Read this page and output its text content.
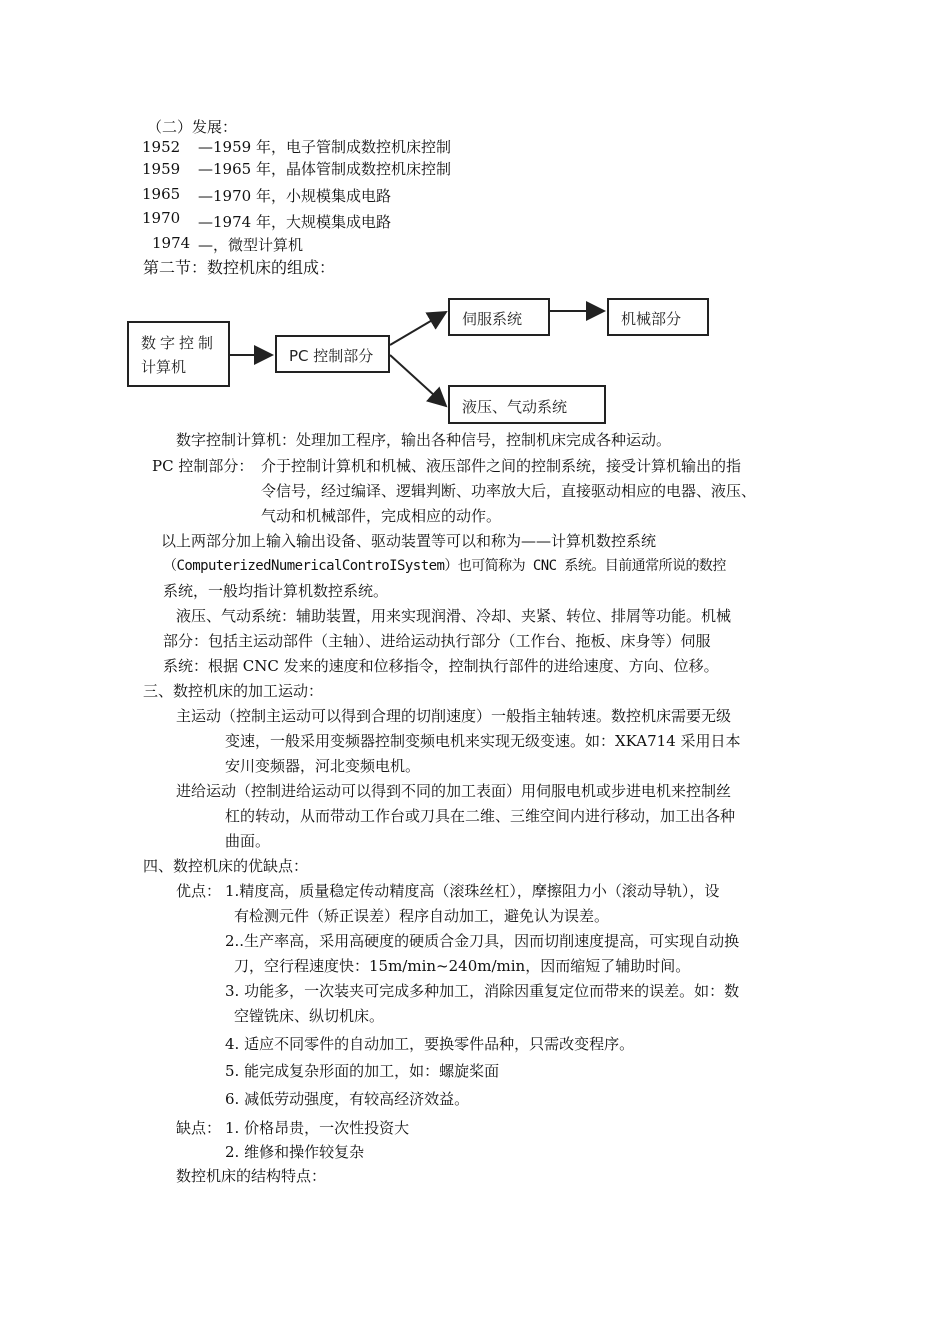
（二）发展：
1952 —1959 年，电子管制成数控机床控制
1959 —1965 年，晶体管制成数控机床控制
1965 —1970 年，小规模集成电路
1970 —1974 年，大规模集成电路
1974 —，微型计算机
第二节：数控机床的组成：
数字控制
计算机
PC 控制部分
伺服系统	机械部分
液压、气动系统
数字控制计算机：处理加工程序，输出各种信号，控制机床完成各种运动。
PC 控制部分： 介于控制计算机和机械、液压部件之间的控制系统，接受计算机输出的指
令信号，经过编译、逻辑判断、功率放大后，直接驱动相应的电器、液压、
气动和机械部件，完成相应的动作。
以上两部分加上输入输出设备、驱动装置等可以和称为——计算机数控系统
（ComputerizedNumericalControISystem）也可简称为 CNC 系统。目前通常所说的数控
系统，一般均指计算机数控系统。
液压、气动系统：辅助装置，用来实现润滑、冷却、夹紧、转位、排屑等功能。机械
部分：包括主运动部件（主轴）、进给运动执行部分（工作台、拖板、床身等）伺服
系统：根据 CNC 发来的速度和位移指令，控制执行部件的进给速度、方向、位移。
三、数控机床的加工运动：
主运动（控制主运动可以得到合理的切削速度）一般指主轴转速。数控机床需要无级
变速，一般采用变频器控制变频电机来实现无级变速。如：XKA714 采用日本
安川变频器，河北变频电机。
进给运动（控制进给运动可以得到不同的加工表面）用伺服电机或步进电机来控制丝
杠的转动，从而带动工作台或刀具在二维、三维空间内进行移动，加工出各种
曲面。
四、数控机床的优缺点：
优点： 1.精度高，质量稳定传动精度高（滚珠丝杠），摩擦阻力小（滚动导轨），设
有检测元件（矫正误差）程序自动加工，避免认为误差。
2..生产率高，采用高硬度的硬质合金刀具，因而切削速度提高，可实现自动换
刀，空行程速度快：15m/min~240m/min，因而缩短了辅助时间。
3. 功能多，一次装夹可完成多种加工，消除因重复定位而带来的误差。如：数
空镗铣床、纵切机床。
4. 适应不同零件的自动加工，要换零件品种，只需改变程序。
5. 能完成复杂形面的加工，如：螺旋桨面
6. 减低劳动强度，有较高经济效益。
缺点： 1. 价格昂贵，一次性投资大
2. 维修和操作较复杂
数控机床的结构特点：
